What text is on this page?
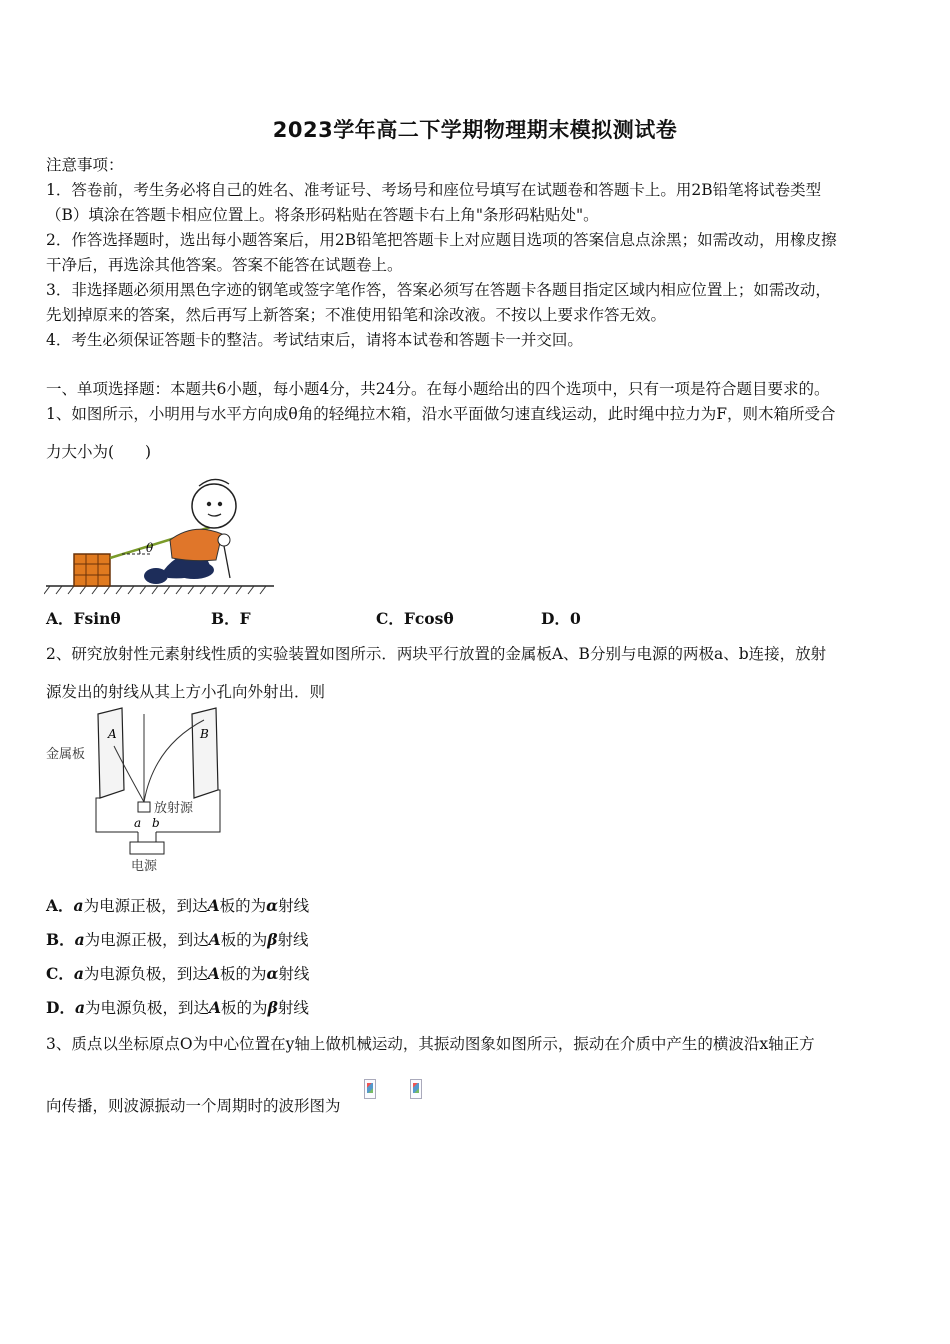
2023学年高二下学期物理期末模拟测试卷
注意事项：
1．答卷前，考生务必将自己的姓名、准考证号、考场号和座位号填写在试题卷和答题卡上。用2B铅笔将试卷类型
（B）填涂在答题卡相应位置上。将条形码粘贴在答题卡右上角"条形码粘贴处"。
2．作答选择题时，选出每小题答案后，用2B铅笔把答题卡上对应题目选项的答案信息点涂黑；如需改动，用橡皮擦
干净后，再选涂其他答案。答案不能答在试题卷上。
3．非选择题必须用黑色字迹的钢笔或签字笔作答，答案必须写在答题卡各题目指定区域内相应位置上；如需改动，
先划掉原来的答案，然后再写上新答案；不准使用铅笔和涂改液。不按以上要求作答无效。
4．考生必须保证答题卡的整洁。考试结束后，请将本试卷和答题卡一并交回。
一、单项选择题：本题共6小题，每小题4分，共24分。在每小题给出的四个选项中，只有一项是符合题目要求的。
1、如图所示，小明用与水平方向成θ角的轻绳拉木箱，沿水平面做匀速直线运动，此时绳中拉力为F，则木箱所受合
力大小为(　　)
θ
A．Fsinθ	B．F	C．Fcosθ	D．0
2、研究放射性元素射线性质的实验装置如图所示．两块平行放置的金属板A、B分别与电源的两极a、b连接，放射
源发出的射线从其上方小孔向外射出．则
A	B
金属板
放射源
a b
电源
A．a为电源正极，到达A板的为α射线
B．a为电源正极，到达A板的为β射线
C．a为电源负极，到达A板的为α射线
D．a为电源负极，到达A板的为β射线
3、质点以坐标原点O为中心位置在y轴上做机械运动，其振动图象如图所示，振动在介质中产生的横波沿x轴正方
向传播，则波源振动一个周期时的波形图为
